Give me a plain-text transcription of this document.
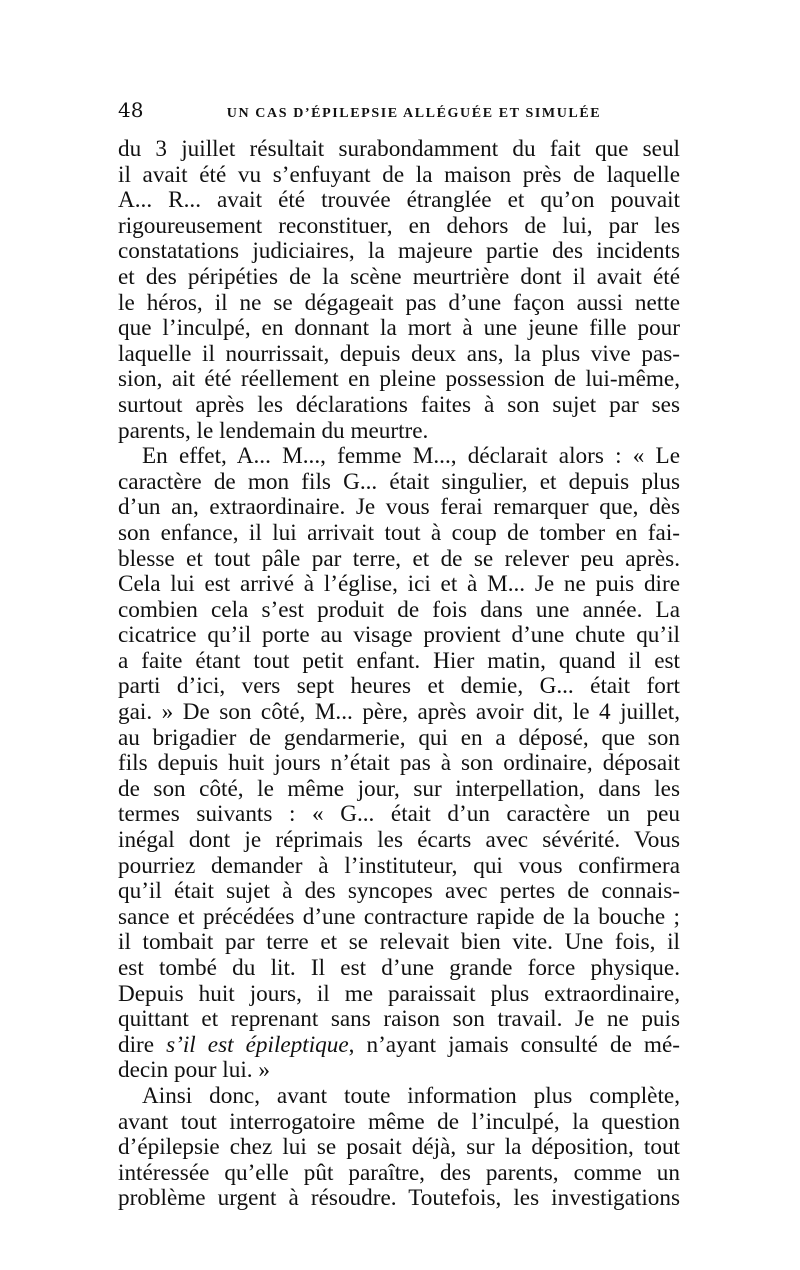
48	UN CAS D’ÉPILEPSIE ALLÉGUÉE ET SIMULÉE
du 3 juillet résultait surabondamment du fait que seul
il avait été vu s’enfuyant de la maison près de laquelle
A... R... avait été trouvée étranglée et qu’on pouvait
rigoureusement reconstituer, en dehors de lui, par les
constatations judiciaires, la majeure partie des incidents
et des péripéties de la scène meurtrière dont il avait été
le héros, il ne se dégageait pas d’une façon aussi nette
que l’inculpé, en donnant la mort à une jeune fille pour
laquelle il nourrissait, depuis deux ans, la plus vive pas-
sion, ait été réellement en pleine possession de lui-même,
surtout après les déclarations faites à son sujet par ses
parents, le lendemain du meurtre.
En effet, A... M..., femme M..., déclarait alors : « Le
caractère de mon fils G... était singulier, et depuis plus
d’un an, extraordinaire. Je vous ferai remarquer que, dès
son enfance, il lui arrivait tout à coup de tomber en fai-
blesse et tout pâle par terre, et de se relever peu après.
Cela lui est arrivé à l’église, ici et à M... Je ne puis dire
combien cela s’est produit de fois dans une année. La
cicatrice qu’il porte au visage provient d’une chute qu’il
a faite étant tout petit enfant. Hier matin, quand il est
parti d’ici, vers sept heures et demie, G... était fort
gai. » De son côté, M... père, après avoir dit, le 4 juillet,
au brigadier de gendarmerie, qui en a déposé, que son
fils depuis huit jours n’était pas à son ordinaire, déposait
de son côté, le même jour, sur interpellation, dans les
termes suivants : « G... était d’un caractère un peu
inégal dont je réprimais les écarts avec sévérité. Vous
pourriez demander à l’instituteur, qui vous confirmera
qu’il était sujet à des syncopes avec pertes de connais-
sance et précédées d’une contracture rapide de la bouche ;
il tombait par terre et se relevait bien vite. Une fois, il
est tombé du lit. Il est d’une grande force physique.
Depuis huit jours, il me paraissait plus extraordinaire,
quittant et reprenant sans raison son travail. Je ne puis
dire s’il est épileptique, n’ayant jamais consulté de mé-
decin pour lui. »
Ainsi donc, avant toute information plus complète,
avant tout interrogatoire même de l’inculpé, la question
d’épilepsie chez lui se posait déjà, sur la déposition, tout
intéressée qu’elle pût paraître, des parents, comme un
problème urgent à résoudre. Toutefois, les investigations
